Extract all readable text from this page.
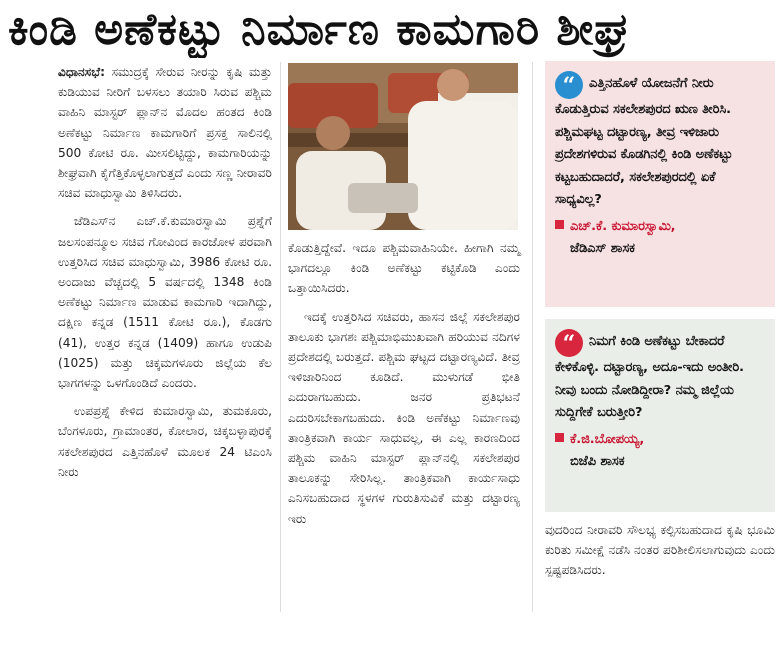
ಕಿಂಡಿ ಅಣೆಕಟ್ಟು ನಿರ್ಮಾಣ ಕಾಮಗಾರಿ ಶೀಘ್ರ

ವಿಧಾನಸಭೆ: ಸಮುದ್ರಕ್ಕೆ ಸೇರುವ ನೀರನ್ನು ಕೃಷಿ ಮತ್ತು ಕುಡಿಯುವ ನೀರಿಗೆ ಬಳಸಲು ತಯಾರಿ ಸಿರುವ ಪಶ್ಚಿಮ ವಾಹಿನಿ ಮಾಸ್ಟರ್ ಪ್ಲಾನ್‌ನ ಮೊದಲ ಹಂತದ ಕಿಂಡಿ ಅಣೆಕಟ್ಟು ನಿರ್ಮಾಣ ಕಾಮಗಾರಿಗೆ ಪ್ರಸಕ್ತ ಸಾಲಿನಲ್ಲಿ 500 ಕೋಟಿ ರೂ. ಮೀಸಲಿಟ್ಟಿದ್ದು, ಕಾಮಗಾರಿಯನ್ನು ಶೀಘ್ರವಾಗಿ ಕೈಗೆತ್ತಿಕೊಳ್ಳಲಾಗುತ್ತದೆ ಎಂದು ಸಣ್ಣ ನೀರಾವರಿ ಸಚಿವ ಮಾಧುಸ್ವಾಮಿ ತಿಳಿಸಿದರು.

ಜೆಡಿಎಸ್‌ನ ಎಚ್.ಕೆ.ಕುಮಾರಸ್ವಾಮಿ ಪ್ರಶ್ನೆಗೆ ಜಲಸಂಪನ್ಮೂಲ ಸಚಿವ ಗೋವಿಂದ ಕಾರಜೋಳ ಪರವಾಗಿ ಉತ್ತರಿಸಿದ ಸಚಿವ ಮಾಧುಸ್ವಾಮಿ, 3986 ಕೋಟಿ ರೂ. ಅಂದಾಜು ವೆಚ್ಚದಲ್ಲಿ 5 ವರ್ಷದಲ್ಲಿ 1348 ಕಿಂಡಿ ಅಣೆಕಟ್ಟು ನಿರ್ಮಾಣ ಮಾಡುವ ಕಾಮಗಾರಿ ಇದಾಗಿದ್ದು, ದಕ್ಷಿಣ ಕನ್ನಡ (1511 ಕೋಟಿ ರೂ.), ಕೊಡಗು (41), ಉತ್ತರ ಕನ್ನಡ (1409) ಹಾಗೂ ಉಡುಪಿ (1025) ಮತ್ತು ಚಿಕ್ಕಮಗಳೂರು ಜಿಲ್ಲೆಯ ಕೆಲ ಭಾಗಗಳನ್ನು ಒಳಗೊಂಡಿದೆ ಎಂದರು.

ಉಪಪ್ರಶ್ನೆ ಕೇಳಿದ ಕುಮಾರಸ್ವಾಮಿ, ತುಮಕೂರು, ಬೆಂಗಳೂರು, ಗ್ರಾಮಾಂತರ, ಕೋಲಾರ, ಚಿಕ್ಕಬಳ್ಳಾಪುರಕ್ಕೆ ಸಕಲೇಶಪುರದ ಎತ್ತಿನಹೊಳೆ ಮೂಲಕ 24 ಟಿಎಂಸಿ ನೀರು

ಕೊಡುತ್ತಿದ್ದೇವೆ. ಇದೂ ಪಶ್ಚಿಮವಾಹಿನಿಯೇ. ಹೀಗಾಗಿ ನಮ್ಮ ಭಾಗದಲ್ಲೂ ಕಿಂಡಿ ಅಣೆಕಟ್ಟು ಕಟ್ಟಿಕೊಡಿ ಎಂದು ಒತ್ತಾಯಿಸಿದರು.

ಇದಕ್ಕೆ ಉತ್ತರಿಸಿದ ಸಚಿವರು, ಹಾಸನ ಜಿಲ್ಲೆ ಸಕಲೇಶಪುರ ತಾಲೂಕು ಭಾಗಶಃ ಪಶ್ಚಿಮಾಭಿಮುಖವಾಗಿ ಹರಿಯುವ ನದಿಗಳ ಪ್ರದೇಶದಲ್ಲಿ ಬರುತ್ತದೆ. ಪಶ್ಚಿಮ ಘಟ್ಟದ ದಟ್ಟಾರಣ್ಯವಿದೆ. ತೀವ್ರ ಇಳಿಜಾರಿನಿಂದ ಕೂಡಿದೆ. ಮುಳುಗಡೆ ಭೀತಿ ಎದುರಾಗಬಹುದು. ಜನರ ಪ್ರತಿಭಟನೆ ಎದುರಿಸಬೇಕಾಗಬಹುದು. ಕಿಂಡಿ ಅಣೆಕಟ್ಟು ನಿರ್ಮಾಣವು ತಾಂತ್ರಿಕವಾಗಿ ಕಾರ್ಯ ಸಾಧುವಲ್ಲ, ಈ ಎಲ್ಲ ಕಾರಣದಿಂದ ಪಶ್ಚಿಮ ವಾಹಿನಿ ಮಾಸ್ಟರ್ ಪ್ಲಾನ್‌ನಲ್ಲಿ ಸಕಲೇಶಪುರ ತಾಲೂಕನ್ನು ಸೇರಿಸಿಲ್ಲ. ತಾಂತ್ರಿಕವಾಗಿ ಕಾರ್ಯಸಾಧು ಎನಿಸಬಹುದಾದ ಸ್ಥಳಗಳ ಗುರುತಿಸುವಿಕೆ ಮತ್ತು ದಟ್ಟಾರಣ್ಯ ಇರು

“ ಎತ್ತಿನಹೊಳೆ ಯೋಜನೆಗೆ ನೀರು ಕೊಡುತ್ತಿರುವ ಸಕಲೇಶಪುರದ ಋಣ ತೀರಿಸಿ. ಪಶ್ಚಿಮಘಟ್ಟ ದಟ್ಟಾರಣ್ಯ, ತೀವ್ರ ಇಳಿಜಾರು ಪ್ರದೇಶಗಳಿರುವ ಕೊಡಗಿನಲ್ಲಿ ಕಿಂಡಿ ಅಣೆಕಟ್ಟು ಕಟ್ಟಬಹುದಾದರೆ, ಸಕಲೇಶಪುರದಲ್ಲಿ ಏಕೆ ಸಾಧ್ಯವಿಲ್ಲ?
ಎಚ್.ಕೆ. ಕುಮಾರಸ್ವಾಮಿ,
ಜೆಡಿಎಸ್ ಶಾಸಕ
“ ನಿಮಗೆ ಕಿಂಡಿ ಅಣೆಕಟ್ಟು ಬೇಕಾದರೆ ಕೇಳಿಕೊಳ್ಳಿ. ದಟ್ಟಾರಣ್ಯ, ಅದೂ-ಇದು ಅಂತೀರಿ. ನೀವು ಬಂದು ನೋಡಿದ್ದೀರಾ? ನಮ್ಮ ಜಿಲ್ಲೆಯ ಸುದ್ದಿಗೇಕೆ ಬರುತ್ತೀರಿ?
ಕೆ.ಜಿ.ಬೋಪಯ್ಯ,
ಬಿಜೆಪಿ ಶಾಸಕ

ವುದರಿಂದ ನೀರಾವರಿ ಸೌಲಭ್ಯ ಕಲ್ಪಿಸಬಹುದಾದ ಕೃಷಿ ಭೂಮಿ ಕುರಿತು ಸಮೀಕ್ಷೆ ನಡೆಸಿ ನಂತರ ಪರಿಶೀಲಿಸಲಾಗುವುದು ಎಂದು ಸ್ಪಷ್ಟಪಡಿಸಿದರು.
